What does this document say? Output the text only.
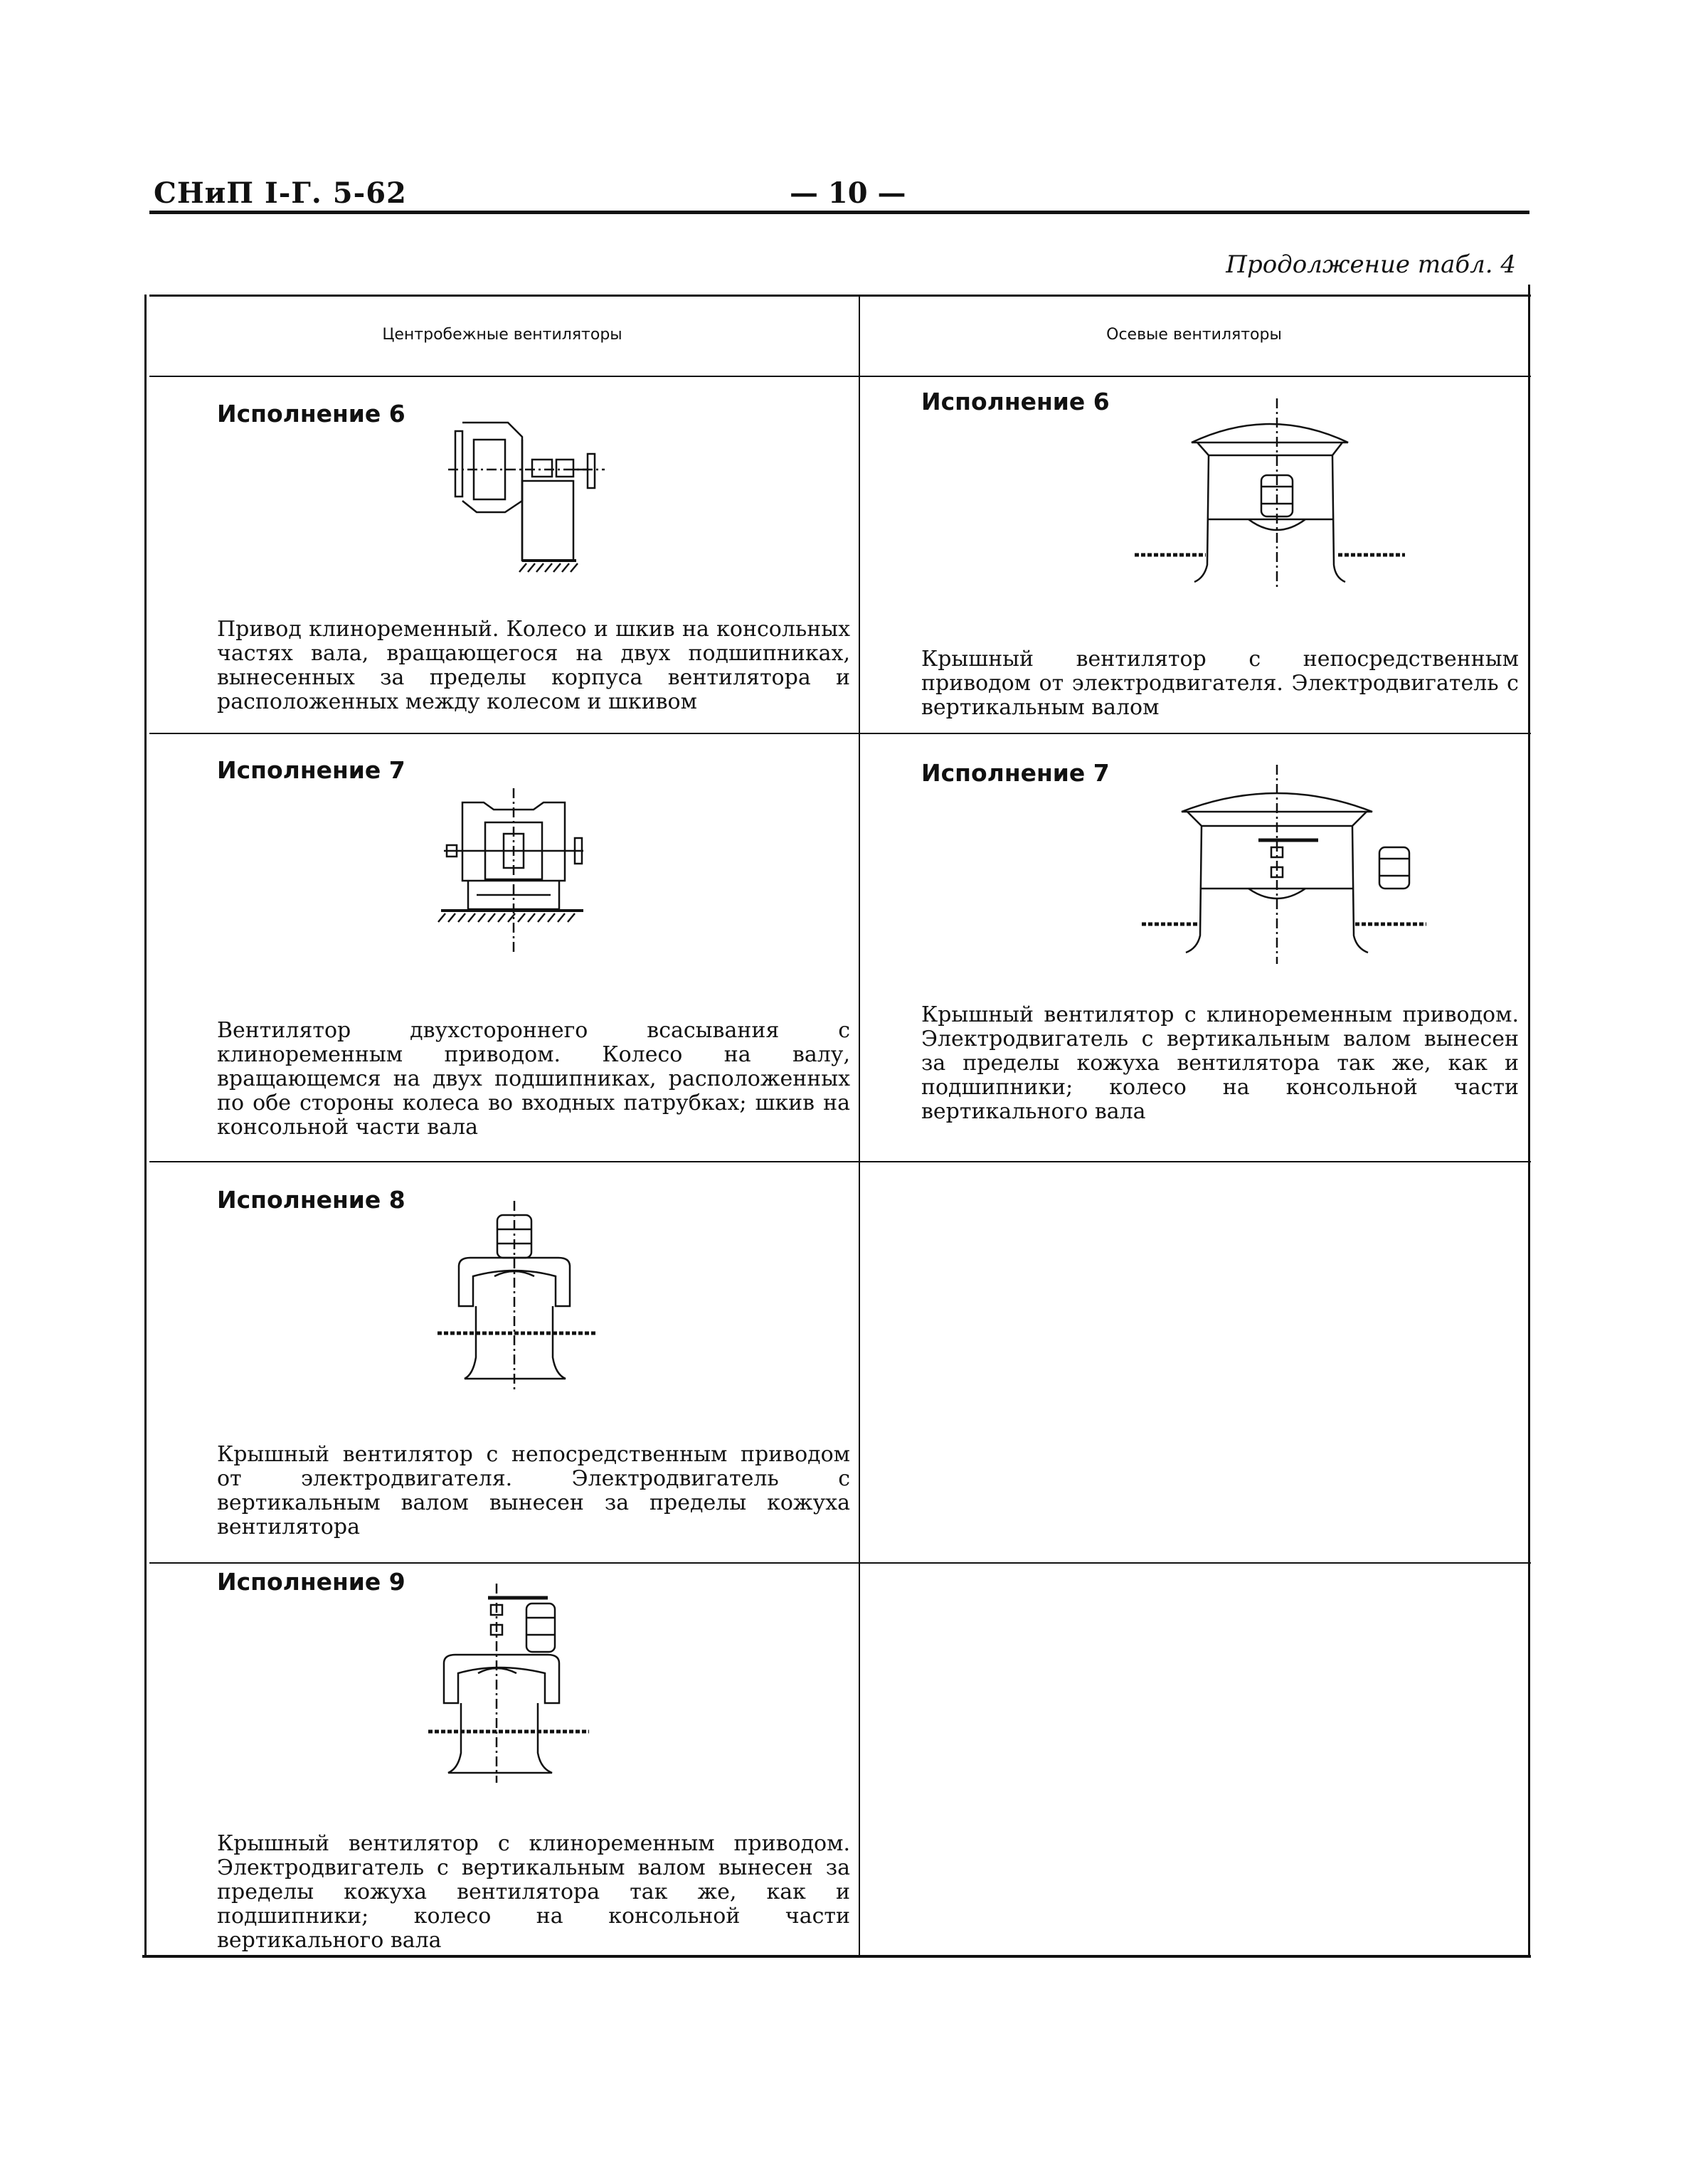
СНиП I-Г. 5-62	— 10 —
Продолжение табл. 4
Центробежные вентиляторы	Осевые вентиляторы
Исполнение 6
Привод клиноременный. Колесо и шкив на консольных частях вала, вращающегося на двух подшипниках, вынесенных за пределы корпуса вентилятора и расположенных между колесом и шкивом
Исполнение 7
Вентилятор двухстороннего всасывания с клиноременным приводом. Колесо на валу, вращающемся на двух подшипниках, расположенных по обе стороны колеса во входных патрубках; шкив на консольной части вала
Исполнение 8
Крышный вентилятор с непосредственным приводом от электродвигателя. Электродвигатель с вертикальным валом вынесен за пределы кожуха вентилятора
Исполнение 9
Крышный вентилятор с клиноременным приводом. Электродвигатель с вертикальным валом вынесен за пределы кожуха вентилятора так же, как и подшипники; колесо на консольной части вертикального вала
Исполнение 6
Крышный вентилятор с непосредственным приводом от электродвигателя. Электродвигатель с вертикальным валом
Исполнение 7
Крышный вентилятор с клиноременным приводом. Электродвигатель с вертикальным валом вынесен за пределы кожуха вентилятора так же, как и подшипники; колесо на консольной части вертикального вала
